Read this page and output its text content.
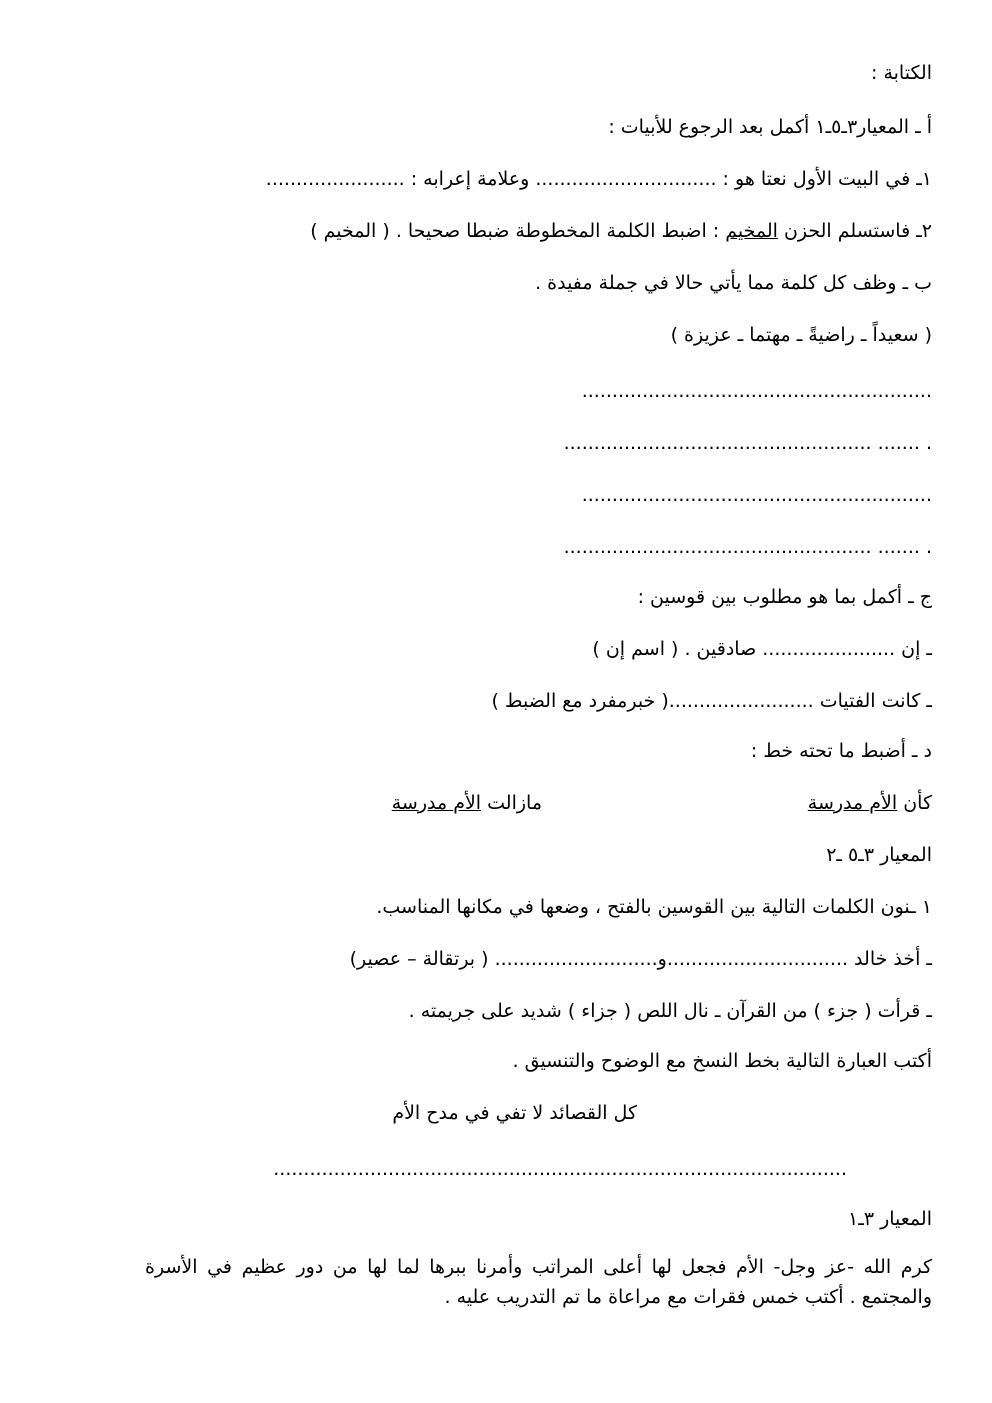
الكتابة :
أ ـ المعيار٣ـ٥ـ١ أكمل بعد الرجوع للأبيات :
١ـ في البيت الأول نعتا هو : .............................. وعلامة إعرابه : .......................
٢ـ فاستسلم الحزن المخيم : اضبط الكلمة المخطوطة ضبطا صحيحا . ( المخيم )
ب ـ وظف كل كلمة مما يأتي حالا في جملة مفيدة .
( سعيداً ـ راضيةً ـ مهتما ـ عزيزة )
..........................................................
. ....... ...................................................
..........................................................
. ....... ...................................................
ج ـ أكمل بما هو مطلوب بين قوسين :
ـ إن ...................... صادقين . ( اسم إن )
ـ كانت الفتيات ........................( خبرمفرد مع الضبط )
د ـ أضبط ما تحته خط :
كأن الأم مدرسة
مازالت الأم مدرسة
المعيار ٣ـ٥ ـ٢
١ ـنون الكلمات التالية بين القوسين بالفتح ، وضعها في مكانها المناسب.
ـ أخذ خالد ..............................و........................... ( برتقالة – عصير)
ـ قرأت ( جزء ) من القرآن ـ نال اللص ( جزاء ) شديد على جريمته .
أكتب العبارة التالية بخط النسخ مع الوضوح والتنسيق .
كل القصائد لا تفي في مدح الأم
...............................................................................................
المعيار ٣ـ١
كرم الله -عز وجل- الأم فجعل لها أعلى المراتب وأمرنا ببرها لما لها من دور عظيم في الأسرة والمجتمع . أكتب خمس فقرات مع مراعاة ما تم التدريب عليه .
